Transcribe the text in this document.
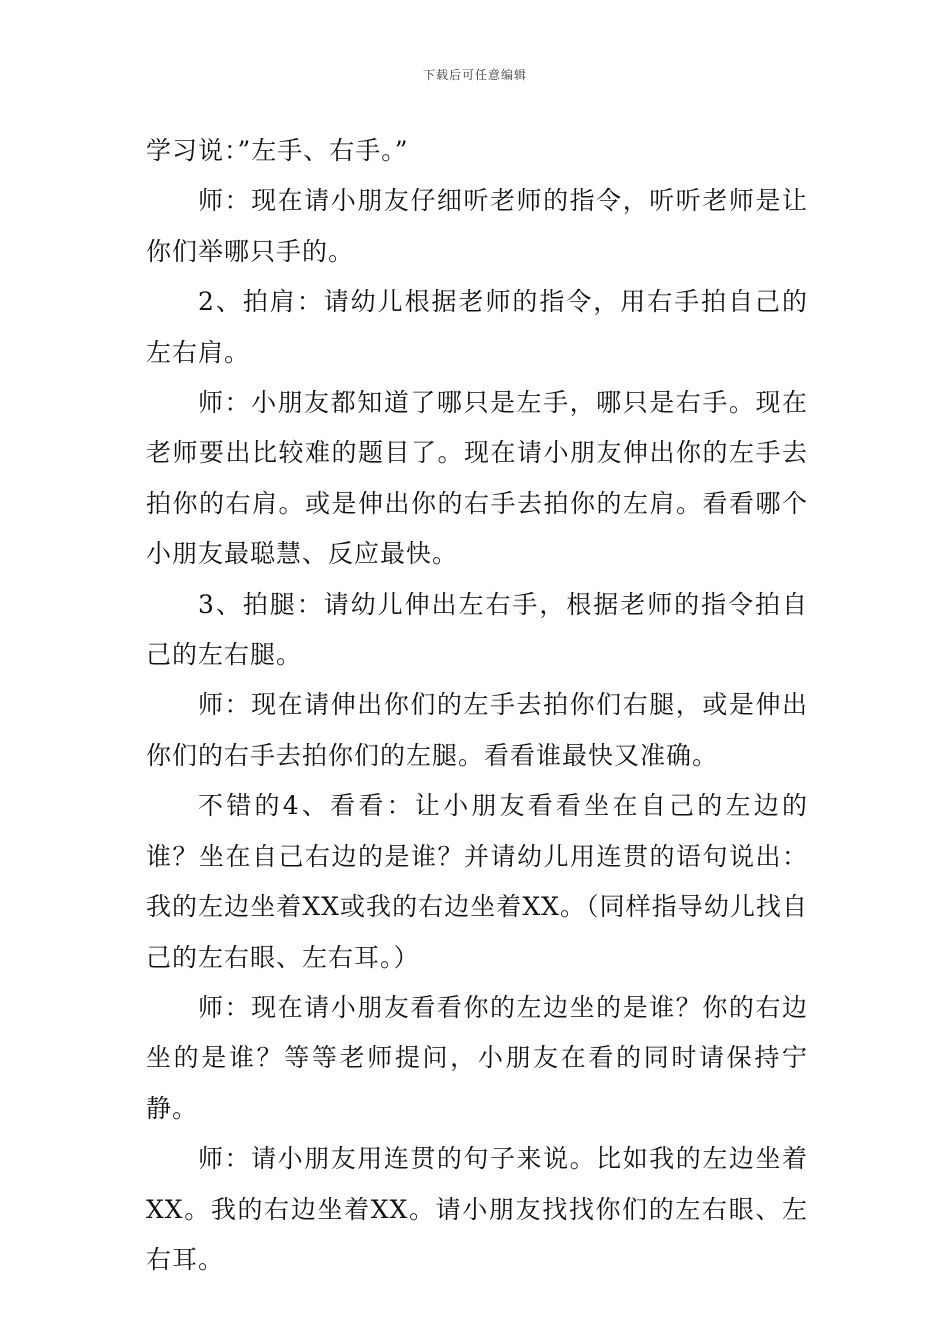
下载后可任意编辑

学习说：”左手、右手。”

师：现在请小朋友仔细听老师的指令，听听老师是让你们举哪只手的。

2、拍肩：请幼儿根据老师的指令，用右手拍自己的左右肩。

师：小朋友都知道了哪只是左手，哪只是右手。现在老师要出比较难的题目了。现在请小朋友伸出你的左手去拍你的右肩。或是伸出你的右手去拍你的左肩。看看哪个小朋友最聪慧、反应最快。

3、拍腿：请幼儿伸出左右手，根据老师的指令拍自己的左右腿。

师：现在请伸出你们的左手去拍你们右腿，或是伸出你们的右手去拍你们的左腿。看看谁最快又准确。

不错的4、看看：让小朋友看看坐在自己的左边的谁？坐在自己右边的是谁？并请幼儿用连贯的语句说出：我的左边坐着XX或我的右边坐着XX。（同样指导幼儿找自己的左右眼、左右耳。）

师：现在请小朋友看看你的左边坐的是谁？你的右边坐的是谁？等等老师提问，小朋友在看的同时请保持宁静。

师：请小朋友用连贯的句子来说。比如我的左边坐着XX。我的右边坐着XX。请小朋友找找你们的左右眼、左右耳。
